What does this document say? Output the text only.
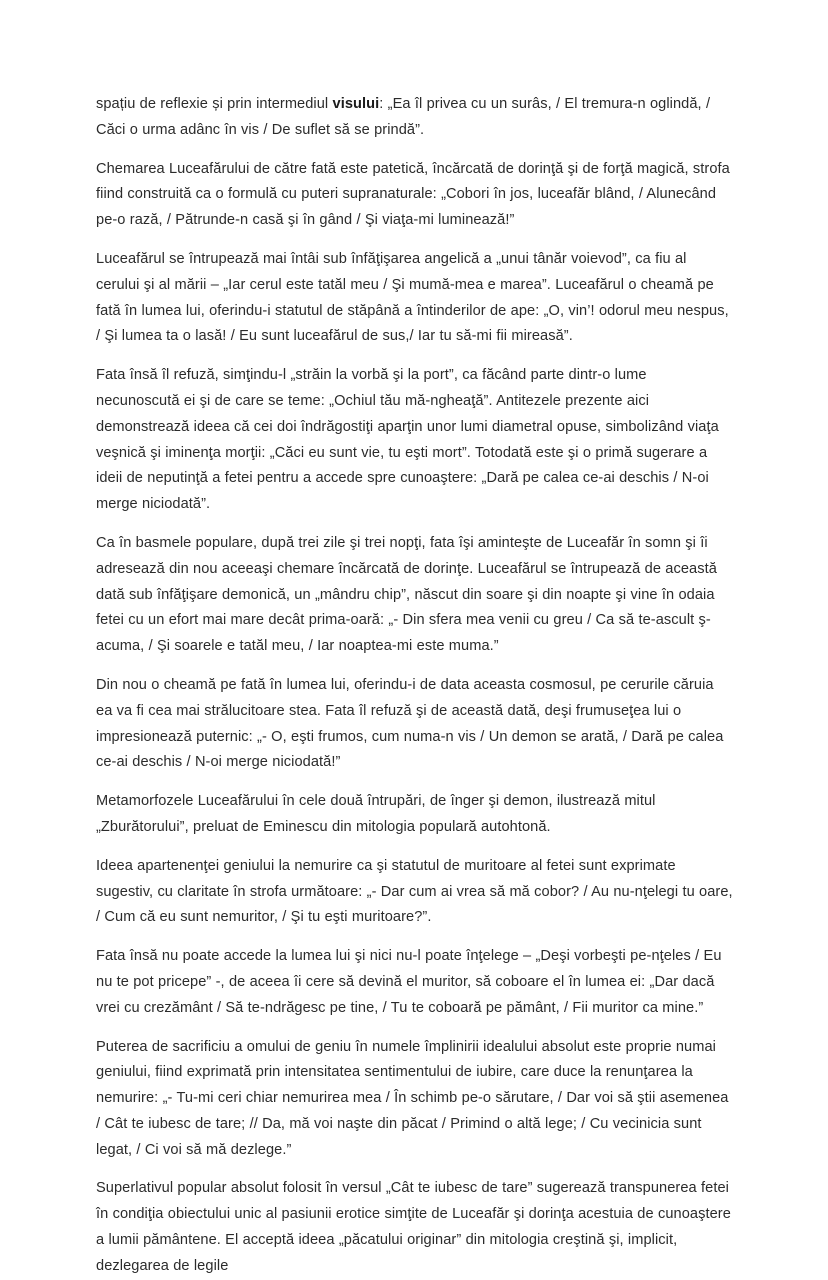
spațiu de reflexie și prin intermediul visului: „Ea îl privea cu un surâs, / El tremura-n oglindă, / Căci o urma adânc în vis / De suflet să se prindă”.

Chemarea Luceafărului de către fată este patetică, încărcată de dorinţă şi de forţă magică, strofa fiind construită ca o formulă cu puteri supranaturale: „Cobori în jos, luceafăr blând, / Alunecând pe-o rază, / Pătrunde-n casă şi în gând / Şi viaţa-mi luminează!”

Luceafărul se întrupează mai întâi sub înfăţişarea angelică a „unui tânăr voievod”, ca fiu al cerului şi al mării – „Iar cerul este tatăl meu / Şi mumă-mea e marea”. Luceafărul o cheamă pe fată în lumea lui, oferindu-i statutul de stăpână a întinderilor de ape: „O, vin’! odorul meu nespus, / Şi lumea ta o lasă! / Eu sunt luceafărul de sus,/ Iar tu să-mi fii mireasă”.

Fata însă îl refuză, simţindu-l „străin la vorbă şi la port”, ca făcând parte dintr-o lume necunoscută ei şi de care se teme: „Ochiul tău mă-ngheaţă”. Antitezele prezente aici demonstrează ideea că cei doi îndrăgostiţi aparţin unor lumi diametral opuse, simbolizând viaţa veşnică şi iminenţa morţii: „Căci eu sunt vie, tu eşti mort”. Totodată este şi o primă sugerare a ideii de neputinţă a fetei pentru a accede spre cunoaştere: „Dară pe calea ce-ai deschis / N-oi merge niciodată”.

Ca în basmele populare, după trei zile şi trei nopţi, fata îşi aminteşte de Luceafăr în somn şi îi adresează din nou aceeaşi chemare încărcată de dorinţe. Luceafărul se întrupează de această dată sub înfăţişare demonică, un „mândru chip”, născut din soare şi din noapte şi vine în odaia fetei cu un efort mai mare decât prima-oară: „- Din sfera mea venii cu greu / Ca să te-ascult ş-acuma, / Şi soarele e tatăl meu, / Iar noaptea-mi este muma.”

Din nou o cheamă pe fată în lumea lui, oferindu-i de data aceasta cosmosul, pe cerurile căruia ea va fi cea mai strălucitoare stea. Fata îl refuză şi de această dată, deşi frumuseţea lui o impresionează puternic: „- O, eşti frumos, cum numa-n vis / Un demon se arată, / Dară pe calea ce-ai deschis / N-oi merge niciodată!”

Metamorfozele Luceafărului în cele două întrupări, de înger şi demon, ilustrează mitul „Zburătorului”, preluat de Eminescu din mitologia populară autohtonă.

Ideea apartenenţei geniului la nemurire ca şi statutul de muritoare al fetei sunt exprimate sugestiv, cu claritate în strofa următoare: „- Dar cum ai vrea să mă cobor? / Au nu-nţelegi tu oare, / Cum că eu sunt nemuritor, / Şi tu eşti muritoare?”.

Fata însă nu poate accede la lumea lui şi nici nu-l poate înţelege – „Deşi vorbeşti pe-nţeles / Eu nu te pot pricepe” -, de aceea îi cere să devină el muritor, să coboare el în lumea ei: „Dar dacă vrei cu crezământ / Să te-ndrăgesc pe tine, / Tu te coboară pe pământ, / Fii muritor ca mine.”

Puterea de sacrificiu a omului de geniu în numele împlinirii idealului absolut este proprie numai geniului, fiind exprimată prin intensitatea sentimentului de iubire, care duce la renunţarea la nemurire: „- Tu-mi ceri chiar nemurirea mea / În schimb pe-o sărutare, / Dar voi să ştii asemenea / Cât te iubesc de tare; // Da, mă voi naşte din păcat / Primind o altă lege; / Cu vecinicia sunt legat, / Ci voi să mă dezlege.”

Superlativul popular absolut folosit în versul „Cât te iubesc de tare” sugerează transpunerea fetei în condiţia obiectului unic al pasiunii erotice simţite de Luceafăr şi dorinţa acestuia de cunoaştere a lumii pământene. El acceptă ideea „păcatului originar” din mitologia creştină şi, implicit, dezlegarea de legile
